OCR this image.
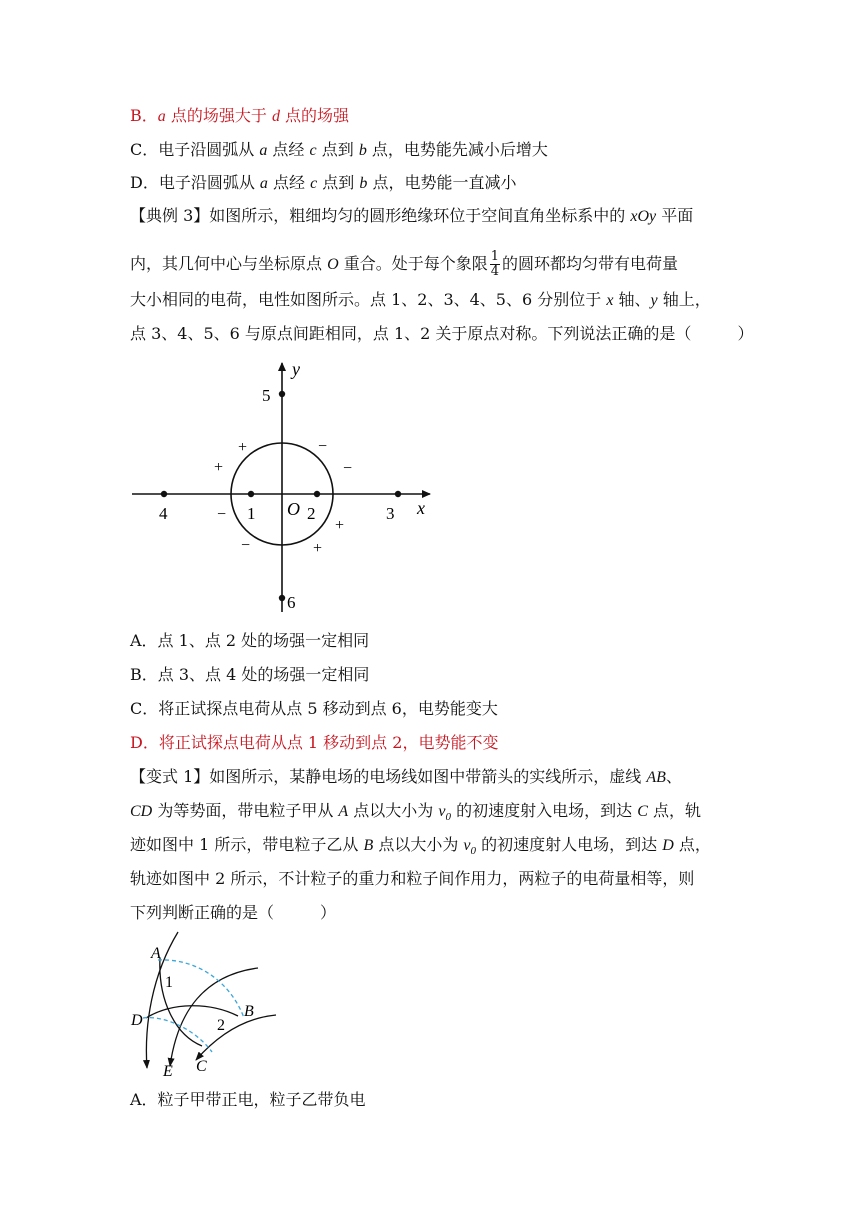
B．a 点的场强大于 d 点的场强
C．电子沿圆弧从 a 点经 c 点到 b 点，电势能先减小后增大
D．电子沿圆弧从 a 点经 c 点到 b 点，电势能一直减小
【典例 3】如图所示，粗细均匀的圆形绝缘环位于空间直角坐标系中的 xOy 平面
内，其几何中心与坐标原点 O 重合。处于每个象限 $\frac{1}{4}$ 的圆环都均匀带有电荷量
大小相同的电荷，电性如图所示。点 1、2、3、4、5、6 分别位于 x 轴、y 轴上，
点 3、4、5、6 与原点间距相同，点 1、2 关于原点对称。下列说法正确的是（	）
y
x
O
5
6
4	3
1	2
+
+
−
−
−
−
+
+
A．点 1、点 2 处的场强一定相同
B．点 3、点 4 处的场强一定相同
C．将正试探点电荷从点 5 移动到点 6，电势能变大
D．将正试探点电荷从点 1 移动到点 2，电势能不变
【变式 1】如图所示，某静电场的电场线如图中带箭头的实线所示，虚线 AB、
CD 为等势面，带电粒子甲从 A 点以大小为 $v_0$ 的初速度射入电场，到达 C 点，轨
迹如图中 1 所示，带电粒子乙从 B 点以大小为 $v_0$ 的初速度射人电场，到达 D 点，
轨迹如图中 2 所示，不计粒子的重力和粒子间作用力，两粒子的电荷量相等，则
下列判断正确的是（	）
A
1
B
2
D
E C
A．粒子甲带正电，粒子乙带负电
